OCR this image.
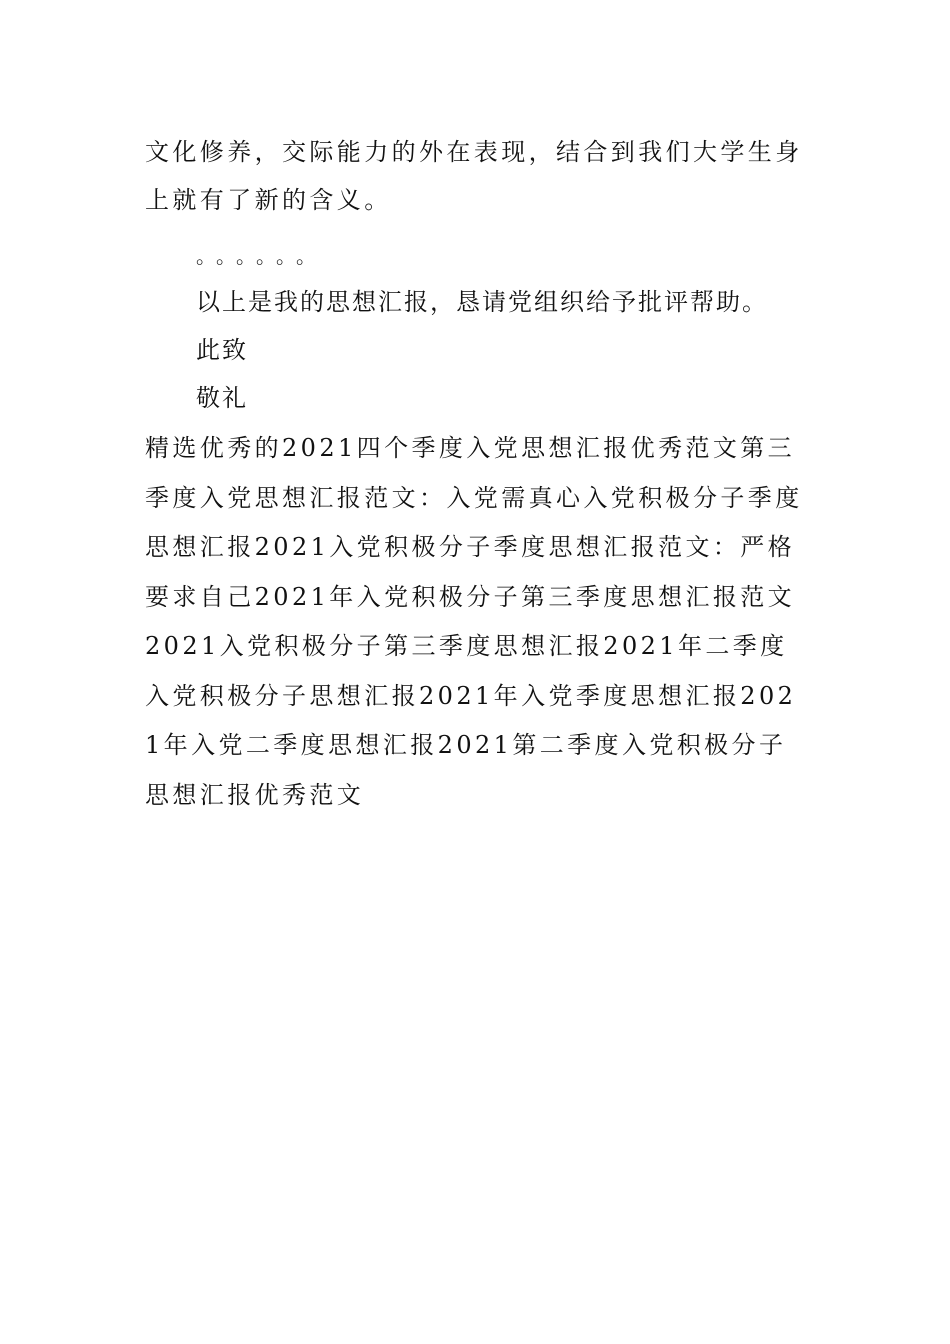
文化修养，交际能力的外在表现，结合到我们大学生身上就有了新的含义。

。。。。。。

以上是我的思想汇报，恳请党组织给予批评帮助。

此致

敬礼

精选优秀的2021四个季度入党思想汇报优秀范文第三季度入党思想汇报范文：入党需真心入党积极分子季度思想汇报2021入党积极分子季度思想汇报范文：严格要求自己2021年入党积极分子第三季度思想汇报范文2021入党积极分子第三季度思想汇报2021年二季度入党积极分子思想汇报2021年入党季度思想汇报2021年入党二季度思想汇报2021第二季度入党积极分子思想汇报优秀范文
